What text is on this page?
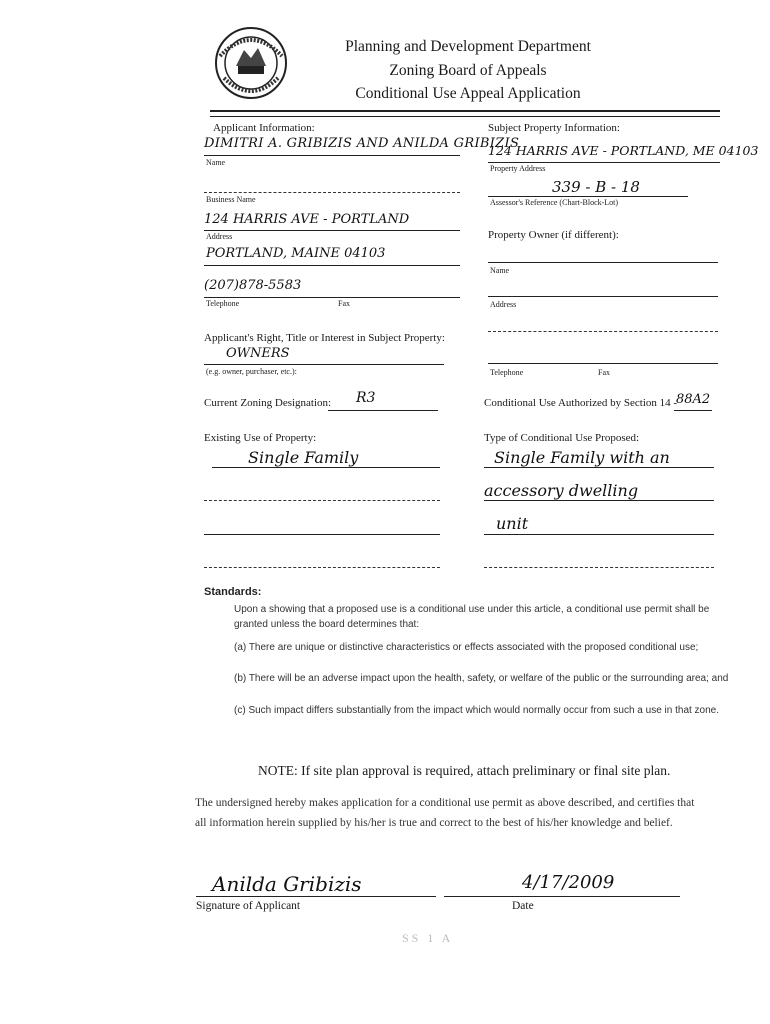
Planning and Development Department
Zoning Board of Appeals
Conditional Use Appeal Application
Applicant Information:
DIMITRI A. GRIBIZIS AND ANILDA GRIBIZIS
Name
Business Name
124 HARRIS AVE - PORTLAND
Address
PORTLAND, MAINE 04103
(207)878-5583
Telephone	Fax
Subject Property Information:
124 HARRIS AVE - PORTLAND, ME 04103
Property Address
339 - B - 18
Assessor's Reference (Chart-Block-Lot)
Property Owner (if different):
Name
Address
Telephone	Fax
Applicant's Right, Title or Interest in Subject Property:
OWNERS
(e.g. owner, purchaser, etc.):
Current Zoning Designation: R3	Conditional Use Authorized by Section 14 -
88A2
Existing Use of Property:
Single Family
Type of Conditional Use Proposed:
Single Family with an
accessory dwelling
unit
Standards:
Upon a showing that a proposed use is a conditional use under this article, a conditional use permit shall be
granted unless the board determines that:
(a) There are unique or distinctive characteristics or effects associated with the proposed conditional use;
(b) There will be an adverse impact upon the health, safety, or welfare of the public or the surrounding area; and
(c) Such impact differs substantially from the impact which would normally occur from such a use in that zone.
NOTE: If site plan approval is required, attach preliminary or final site plan.
The undersigned hereby makes application for a conditional use permit as above described, and certifies that
all information herein supplied by his/her is true and correct to the best of his/her knowledge and belief.
Anilda Gribizis
Signature of Applicant
4/17/2009
Date
SS 1 A
